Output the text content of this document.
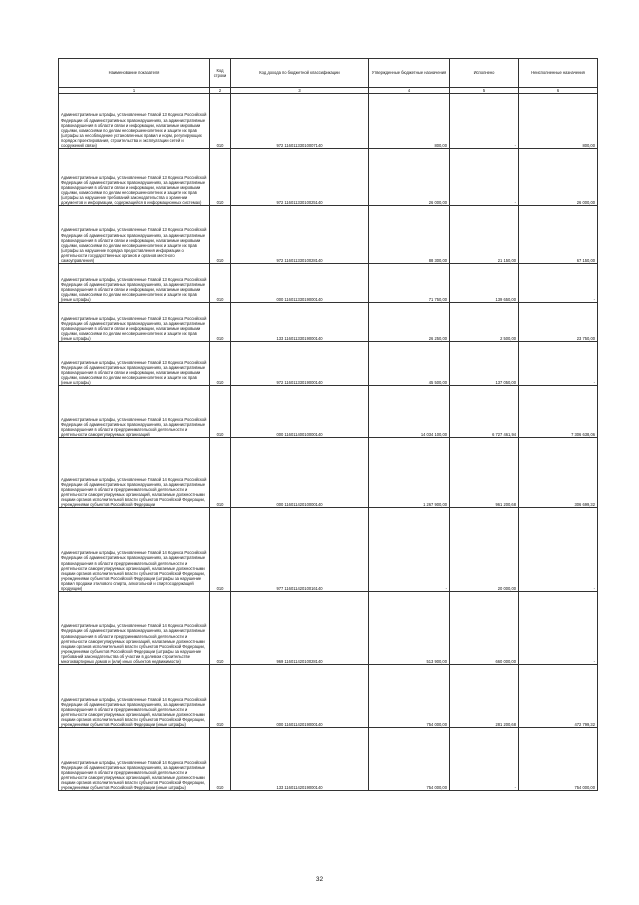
Наименование показателя	Код строки	Код дохода по бюджетной классификации	Утвержденные бюджетные назначения	Исполнено	Неисполненные назначения
1	2	3	4	5	6
Административные штрафы, установленные Главой 13 Кодекса Российской Федерации об административных правонарушениях, за административные правонарушения в области связи и информации, налагаемые мировыми судьями, комиссиями по делам несовершеннолетних и защите их прав (штрафы за несоблюдение установленных правил и норм, регулирующих порядок проектирования, строительства и эксплуатации сетей и сооружений связи)	010	972 11601133010007140	800,00	-	800,00
Административные штрафы, установленные Главой 13 Кодекса Российской Федерации об административных правонарушениях, за административные правонарушения в области связи и информации, налагаемые мировыми судьями, комиссиями по делам несовершеннолетних и защите их прав (штрафы за нарушение требований законодательства о хранении документов и информации, содержащейся в информационных системах)	010	972 11601133010025140	26 000,00	-	26 000,00
Административные штрафы, установленные Главой 13 Кодекса Российской Федерации об административных правонарушениях, за административные правонарушения в области связи и информации, налагаемые мировыми судьями, комиссиями по делам несовершеннолетних и защите их прав (штрафы за нарушение порядка предоставления информации о деятельности государственных органов и органов местного самоуправления)	010	972 11601133010028140	88 300,00	21 150,00	67 150,00
Административные штрафы, установленные Главой 13 Кодекса Российской Федерации об административных правонарушениях, за административные правонарушения в области связи и информации, налагаемые мировыми судьями, комиссиями по делам несовершеннолетних и защите их прав (иные штрафы)	010	000 11601133019000140	71 750,00	139 650,00	-
Административные штрафы, установленные Главой 13 Кодекса Российской Федерации об административных правонарушениях, за административные правонарушения в области связи и информации, налагаемые мировыми судьями, комиссиями по делам несовершеннолетних и защите их прав (иные штрафы)	010	133 11601133019000140	26 250,00	2 500,00	23 750,00
Административные штрафы, установленные Главой 13 Кодекса Российской Федерации об административных правонарушениях, за административные правонарушения в области связи и информации, налагаемые мировыми судьями, комиссиями по делам несовершеннолетних и защите их прав (иные штрафы)	010	972 11601133019000140	45 500,00	137 050,00	-
Административные штрафы, установленные Главой 14 Кодекса Российской Федерации об административных правонарушениях, за административные правонарушения в области предпринимательской деятельности и деятельности саморегулируемых организаций	010	000 11601140010000140	14 034 100,00	6 727 461,94	7 306 638,06
Административные штрафы, установленные Главой 14 Кодекса Российской Федерации об административных правонарушениях, за административные правонарушения в области предпринимательской деятельности и деятельности саморегулируемых организаций, налагаемые должностными лицами органов исполнительной власти субъектов Российской Федерации, учреждениями субъектов Российской Федерации	010	000 11601142010000140	1 267 900,00	961 200,68	306 699,32
Административные штрафы, установленные Главой 14 Кодекса Российской Федерации об административных правонарушениях, за административные правонарушения в области предпринимательской деятельности и деятельности саморегулируемых организаций, налагаемые должностными лицами органов исполнительной власти субъектов Российской Федерации, учреждениями субъектов Российской Федерации (штрафы за нарушение правил продажи этилового спирта, алкогольной и спиртосодержащей продукции)	010	977 11601142010016140	-	20 000,00	-
Административные штрафы, установленные Главой 14 Кодекса Российской Федерации об административных правонарушениях, за административные правонарушения в области предпринимательской деятельности и деятельности саморегулируемых организаций, налагаемые должностными лицами органов исполнительной власти субъектов Российской Федерации, учреждениями субъектов Российской Федерации (штрафы за нарушение требований законодательства об участии в долевом строительстве многоквартирных домов и (или) иных объектов недвижимости)	010	969 11601142010028140	513 900,00	660 000,00	-
Административные штрафы, установленные Главой 14 Кодекса Российской Федерации об административных правонарушениях, за административные правонарушения в области предпринимательской деятельности и деятельности саморегулируемых организаций, налагаемые должностными лицами органов исполнительной власти субъектов Российской Федерации, учреждениями субъектов Российской Федерации (иные штрафы)	010	000 11601142019000140	754 000,00	281 200,68	472 799,32
Административные штрафы, установленные Главой 14 Кодекса Российской Федерации об административных правонарушениях, за административные правонарушения в области предпринимательской деятельности и деятельности саморегулируемых организаций, налагаемые должностными лицами органов исполнительной власти субъектов Российской Федерации, учреждениями субъектов Российской Федерации (иные штрафы)	010	133 11601142019000140	754 000,00	-	754 000,00
32
